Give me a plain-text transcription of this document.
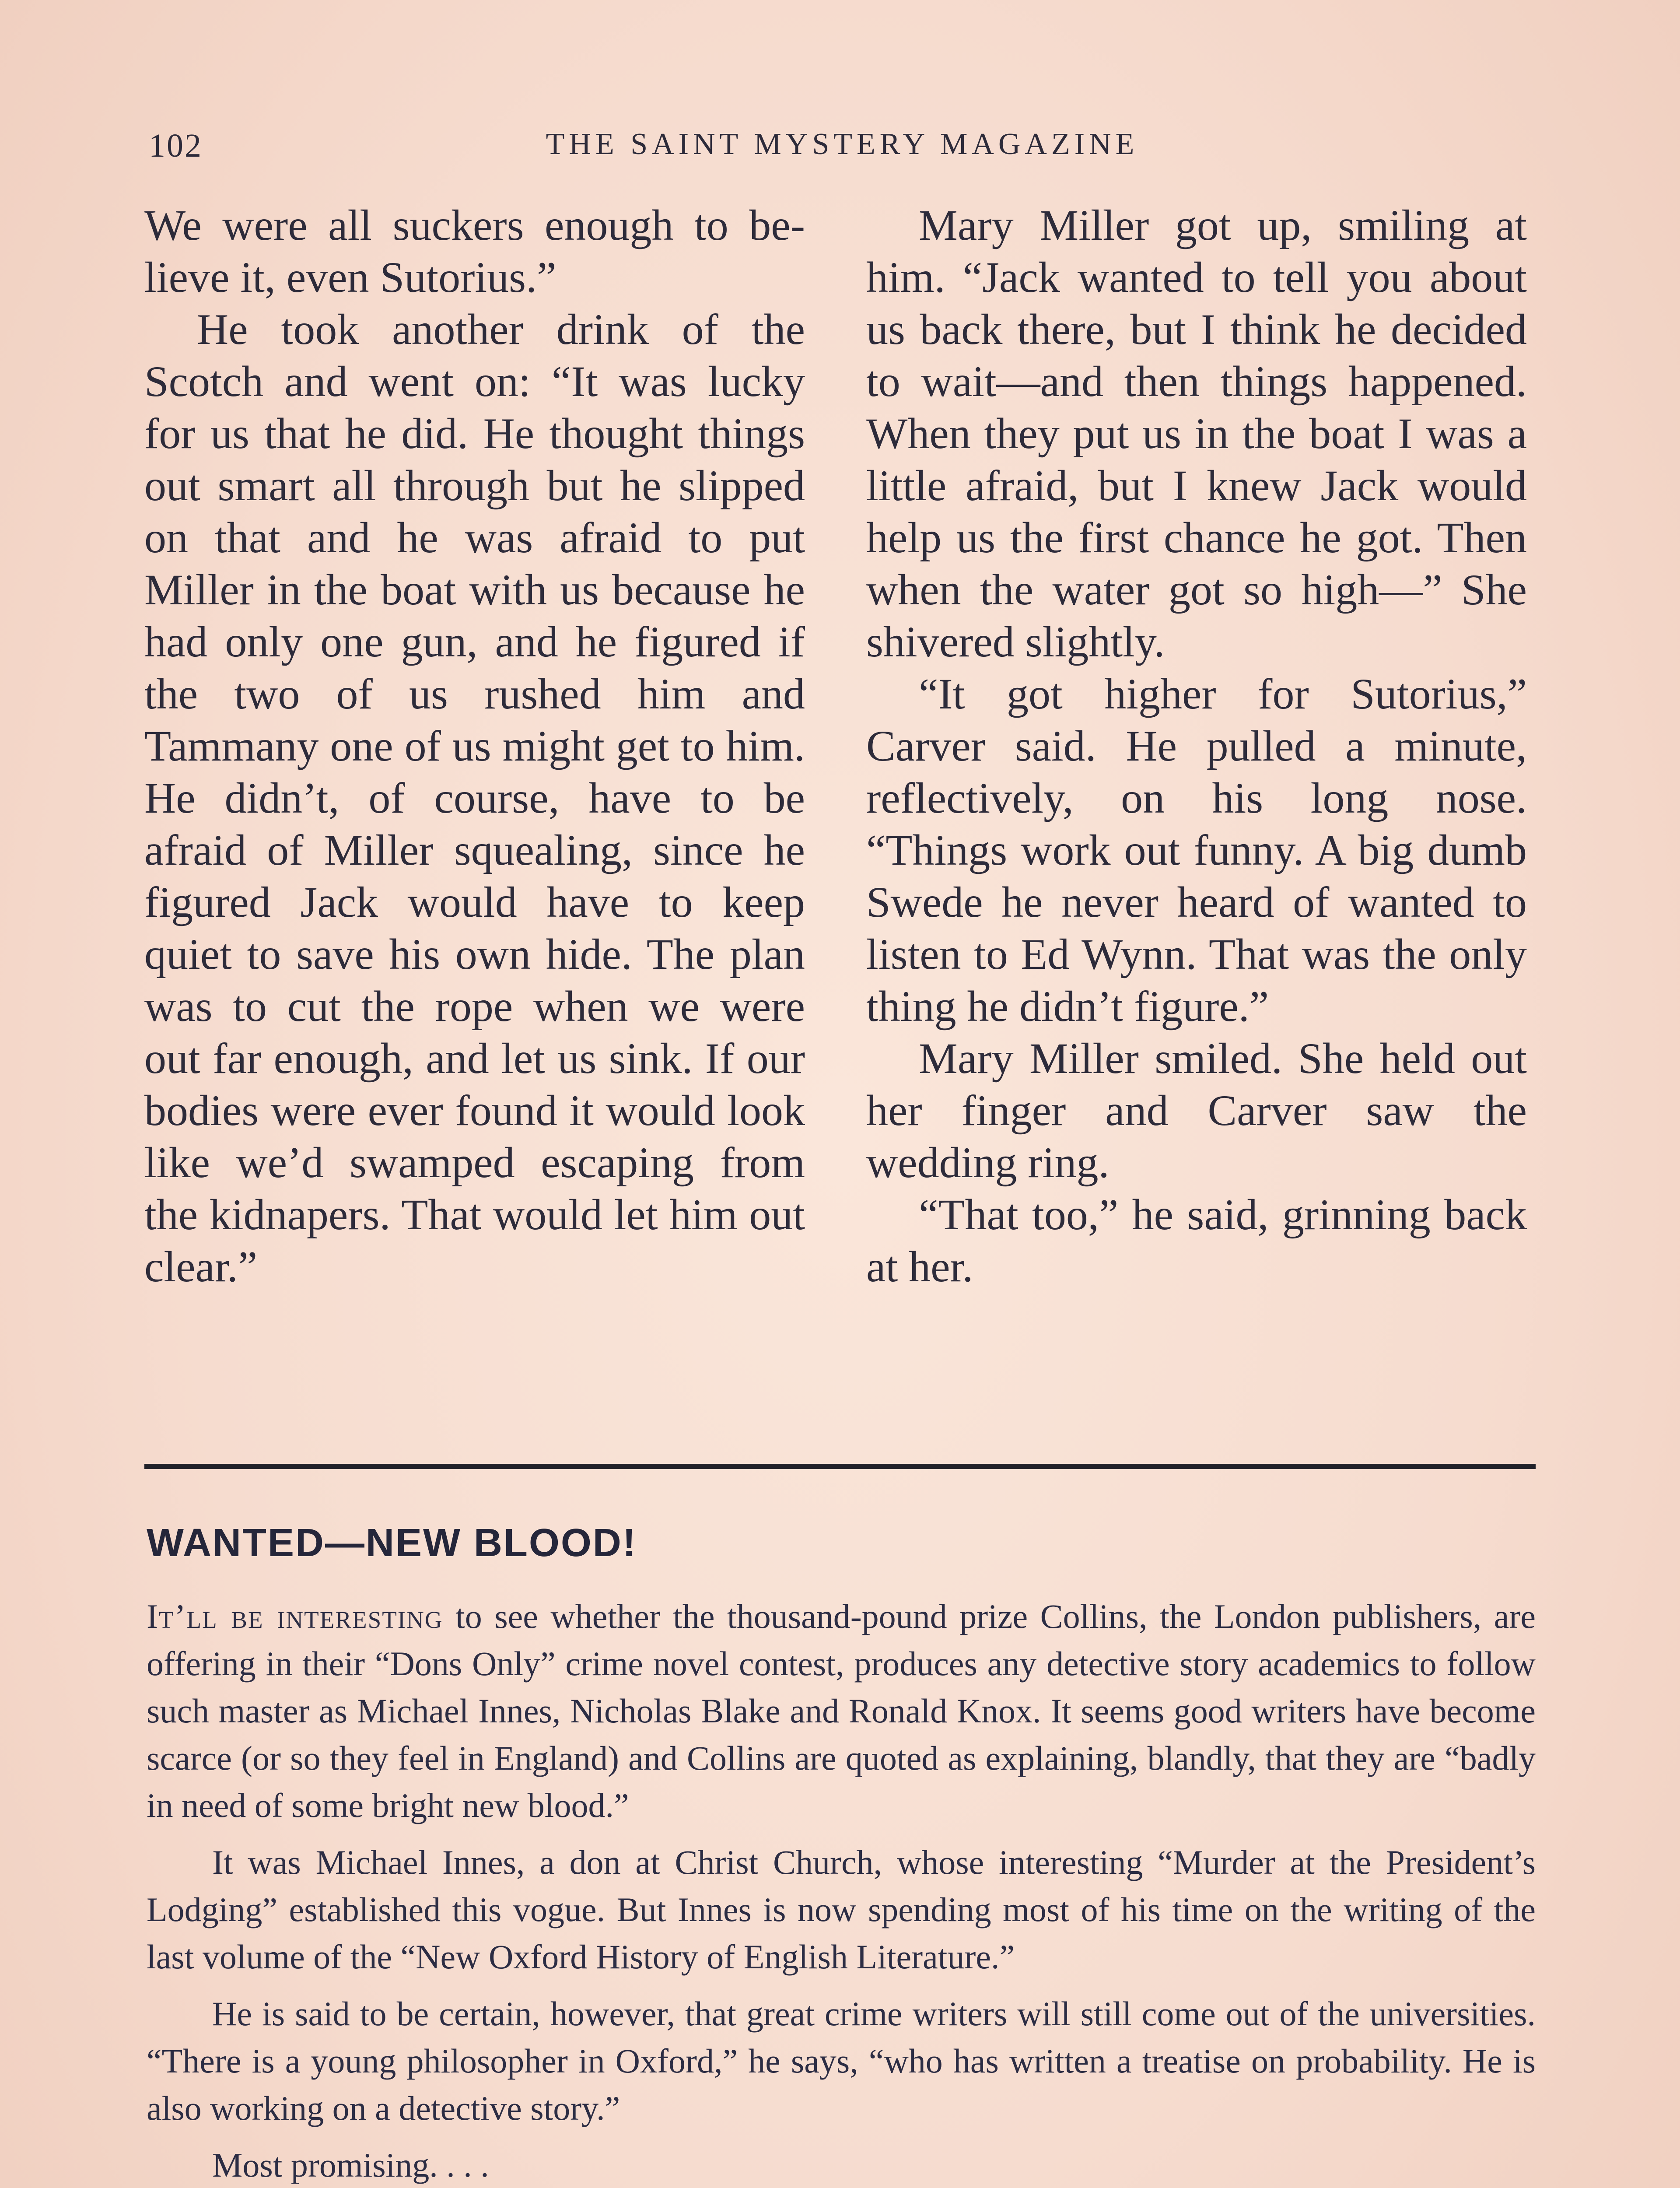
102	THE SAINT MYSTERY MAGAZINE

We were all suckers enough to believe it, even Sutorius.”

He took another drink of the Scotch and went on: “It was lucky for us that he did. He thought things out smart all through but he slipped on that and he was afraid to put Miller in the boat with us because he had only one gun, and he figured if the two of us rushed him and Tammany one of us might get to him. He didn’t, of course, have to be afraid of Miller squealing, since he figured Jack would have to keep quiet to save his own hide. The plan was to cut the rope when we were out far enough, and let us sink. If our bodies were ever found it would look like we’d swamped escaping from the kidnapers. That would let him out clear.”

Mary Miller got up, smiling at him. “Jack wanted to tell you about us back there, but I think he decided to wait—and then things happened. When they put us in the boat I was a little afraid, but I knew Jack would help us the first chance he got. Then when the water got so high—” She shivered slightly.

“It got higher for Sutorius,” Carver said. He pulled a minute, reflectively, on his long nose. “Things work out funny. A big dumb Swede he never heard of wanted to listen to Ed Wynn. That was the only thing he didn’t figure.”

Mary Miller smiled. She held out her finger and Carver saw the wedding ring.

“That too,” he said, grinning back at her.

WANTED—NEW BLOOD!

It’ll be interesting to see whether the thousand-pound prize Collins, the London publishers, are offering in their “Dons Only” crime novel contest, produces any detective story academics to follow such master as Michael Innes, Nicholas Blake and Ronald Knox. It seems good writers have become scarce (or so they feel in England) and Collins are quoted as explaining, blandly, that they are “badly in need of some bright new blood.”

It was Michael Innes, a don at Christ Church, whose interesting “Murder at the President’s Lodging” established this vogue. But Innes is now spending most of his time on the writing of the last volume of the “New Oxford History of English Literature.”

He is said to be certain, however, that great crime writers will still come out of the universities. “There is a young philosopher in Oxford,” he says, “who has written a treatise on probability. He is also working on a detective story.”

Most promising. . . .
